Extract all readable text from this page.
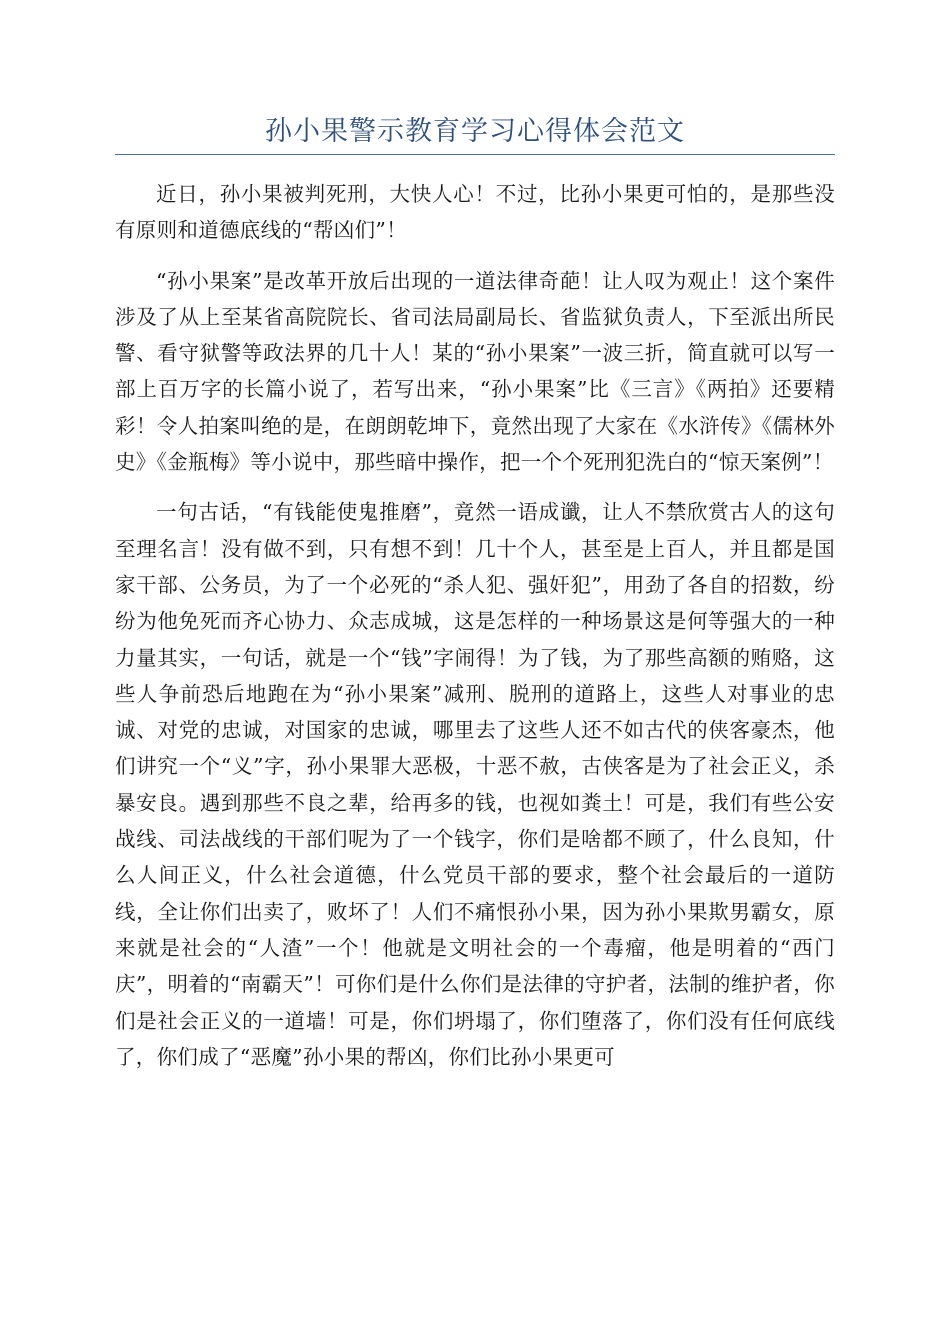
孙小果警示教育学习心得体会范文

近日，孙小果被判死刑，大快人心！不过，比孙小果更可怕的，是那些没有原则和道德底线的“帮凶们”！

“孙小果案”是改革开放后出现的一道法律奇葩！让人叹为观止！这个案件涉及了从上至某省高院院长、省司法局副局长、省监狱负责人，下至派出所民警、看守狱警等政法界的几十人！某的“孙小果案”一波三折，简直就可以写一部上百万字的长篇小说了，若写出来，“孙小果案”比《三言》《两拍》还要精彩！令人拍案叫绝的是，在朗朗乾坤下，竟然出现了大家在《水浒传》《儒林外史》《金瓶梅》等小说中，那些暗中操作，把一个个死刑犯洗白的“惊天案例”！

一句古话，“有钱能使鬼推磨”，竟然一语成谶，让人不禁欣赏古人的这句至理名言！没有做不到，只有想不到！几十个人，甚至是上百人，并且都是国家干部、公务员，为了一个必死的“杀人犯、强奸犯”，用劲了各自的招数，纷纷为他免死而齐心协力、众志成城，这是怎样的一种场景这是何等强大的一种力量其实，一句话，就是一个“钱”字闹得！为了钱，为了那些高额的贿赂，这些人争前恐后地跑在为“孙小果案”减刑、脱刑的道路上，这些人对事业的忠诚、对党的忠诚，对国家的忠诚，哪里去了这些人还不如古代的侠客豪杰，他们讲究一个“义”字，孙小果罪大恶极，十恶不赦，古侠客是为了社会正义，杀暴安良。遇到那些不良之辈，给再多的钱，也视如粪土！可是，我们有些公安战线、司法战线的干部们呢为了一个钱字，你们是啥都不顾了，什么良知，什么人间正义，什么社会道德，什么党员干部的要求，整个社会最后的一道防线，全让你们出卖了，败坏了！人们不痛恨孙小果，因为孙小果欺男霸女，原来就是社会的“人渣”一个！他就是文明社会的一个毒瘤，他是明着的“西门庆”，明着的“南霸天”！可你们是什么你们是法律的守护者，法制的维护者，你们是社会正义的一道墙！可是，你们坍塌了，你们堕落了，你们没有任何底线了，你们成了“恶魔”孙小果的帮凶，你们比孙小果更可
